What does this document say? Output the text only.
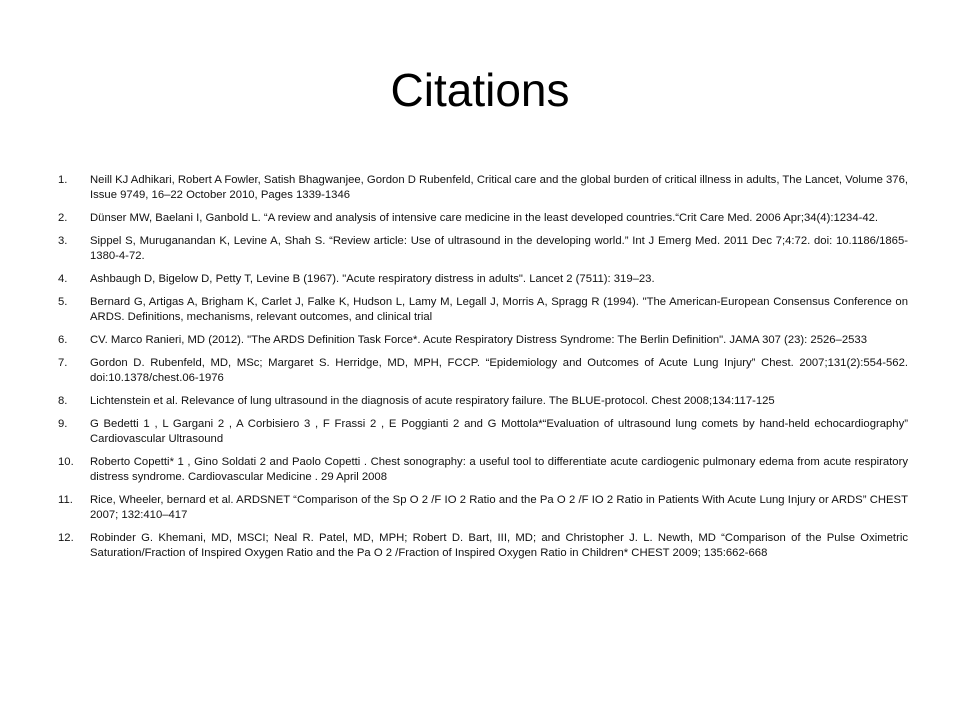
Citations
1.	Neill KJ Adhikari, Robert A Fowler, Satish Bhagwanjee, Gordon D Rubenfeld, Critical care and the global burden of critical illness in adults, The Lancet, Volume 376, Issue 9749, 16–22 October 2010, Pages 1339-1346
2.	Dünser MW, Baelani I, Ganbold L. “A review and analysis of intensive care medicine in the least developed countries.“Crit Care Med. 2006 Apr;34(4):1234-42.
3.	Sippel S, Muruganandan K, Levine A, Shah S. “Review article: Use of ultrasound in the developing world.” Int J Emerg Med. 2011 Dec 7;4:72. doi: 10.1186/1865-1380-4-72.
4.	Ashbaugh D, Bigelow D, Petty T, Levine B (1967). "Acute respiratory distress in adults". Lancet 2 (7511): 319–23.
5.	Bernard G, Artigas A, Brigham K, Carlet J, Falke K, Hudson L, Lamy M, Legall J, Morris A, Spragg R (1994). "The American-European Consensus Conference on ARDS. Definitions, mechanisms, relevant outcomes, and clinical trial
6.	CV. Marco Ranieri, MD (2012). "The ARDS Definition Task Force*. Acute Respiratory Distress Syndrome: The Berlin Definition". JAMA 307 (23): 2526–2533
7.	Gordon D. Rubenfeld, MD, MSc; Margaret S. Herridge, MD, MPH, FCCP. “Epidemiology and Outcomes of Acute Lung Injury” Chest. 2007;131(2):554-562. doi:10.1378/chest.06-1976
8.	Lichtenstein et al. Relevance of lung ultrasound in the diagnosis of acute respiratory failure. The BLUE-protocol. Chest 2008;134:117-125
9.	G Bedetti 1 , L Gargani 2 , A Corbisiero 3 , F Frassi 2 , E Poggianti 2 and G Mottola*“Evaluation of ultrasound lung comets by hand-held echocardiography” Cardiovascular Ultrasound
10.	Roberto Copetti* 1 , Gino Soldati 2 and Paolo Copetti . Chest sonography: a useful tool to differentiate acute cardiogenic pulmonary edema from acute respiratory distress syndrome. Cardiovascular Medicine . 29 April 2008
11.	Rice, Wheeler, bernard et al. ARDSNET “Comparison of the Sp O 2 /F IO 2 Ratio and the Pa O 2 /F IO 2 Ratio in Patients With Acute Lung Injury or ARDS” CHEST 2007; 132:410–417
12.	Robinder G. Khemani, MD, MSCI; Neal R. Patel, MD, MPH; Robert D. Bart, III, MD; and Christopher J. L. Newth, MD “Comparison of the Pulse Oximetric Saturation/Fraction of Inspired Oxygen Ratio and the Pa O 2 /Fraction of Inspired Oxygen Ratio in Children* CHEST 2009; 135:662-668
